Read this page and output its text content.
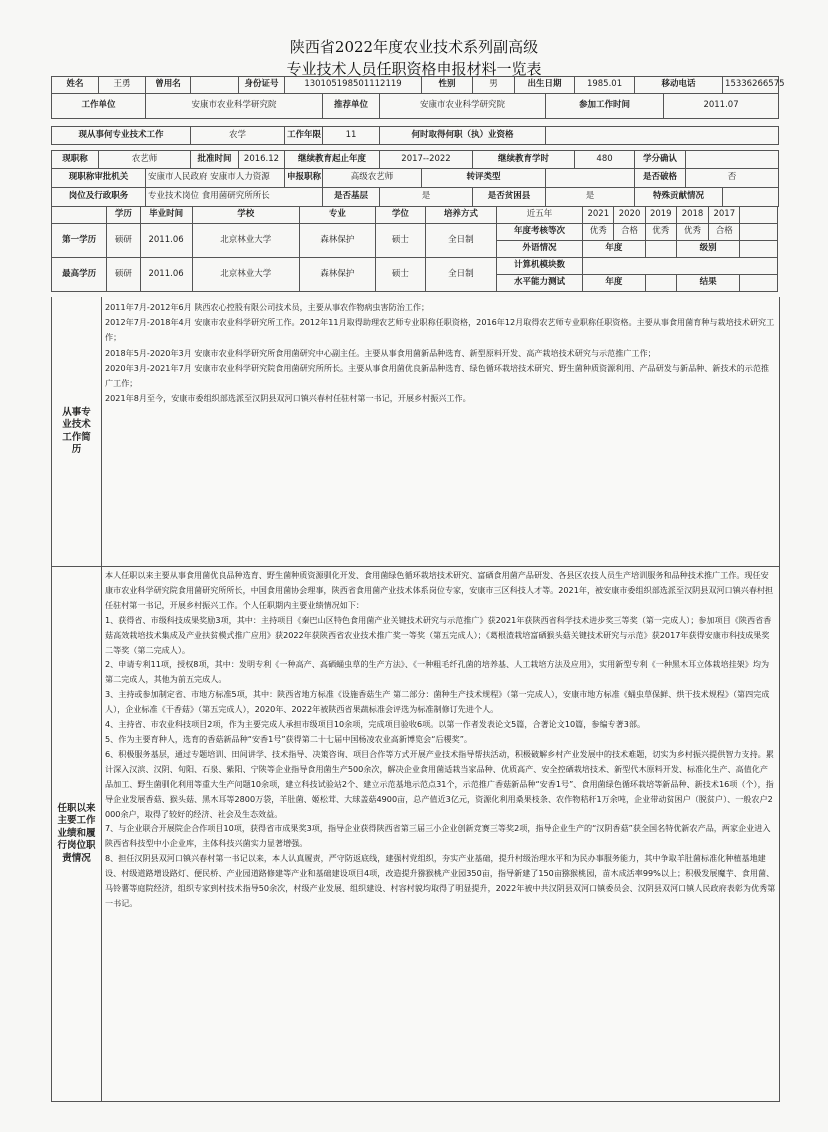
陕西省2022年度农业技术系列副高级
专业技术人员任职资格申报材料一览表
姓名	王勇	曾用名		身份证号	130105198501112119			性别	男	出生日期		1985.01	移动电话			15336266575
工作单位		安康市农业科学研究院				推荐单位	安康市农业科学研究院				参加工作时间			2011.07		

现从事何专业技术工作			农学		工作年限	11	何时取得何职（执）业资格									

现职称	农艺师		批准时间	2016.12	继续教育起止年度		2017--2022		继续教育学时			480	学分确认			
现职称审批机关		安康市人民政府 安康市人力资源			申报职称	高级农艺师		转评类型					是否破格		否	
岗位及行政职务		专业技术岗位 食用菌研究所所长				是否基层	是		是否贫困县		是		特殊贡献情况			
	学历	毕业时间	学校	专业	学位	培养方式	近五年	2021	2020	2019	2018	2017	
第一学历	硕研	2011.06	北京林业大学	森林保护	硕士	全日制	年度考核等次	优秀	合格	优秀	优秀	合格	
							外语情况	年度			级别		
最高学历	硕研	2011.06	北京林业大学	森林保护	硕士	全日制	计算机模块数						
							水平能力测试	年度			结果		
从事专业技术工作简历

2011年7月-2012年6月 陕西农心控股有限公司技术员，主要从事农作物病虫害防治工作；

2012年7月-2018年4月 安康市农业科学研究所工作。2012年11月取得助理农艺师专业职称任职资格，2016年12月取得农艺师专业职称任职资格。主要从事食用菌育种与栽培技术研究工作；

2018年5月-2020年3月 安康市农业科学研究所食用菌研究中心副主任。主要从事食用菌新品种选育、新型原料开发、高产栽培技术研究与示范推广工作；

2020年3月-2021年7月 安康市农业科学研究院食用菌研究所所长。主要从事食用菌优良新品种选育、绿色循环栽培技术研究、野生菌种质资源利用、产品研发与新品种、新技术的示范推广工作；

2021年8月至今，安康市委组织部选派至汉阴县双河口镇兴春村任驻村第一书记，开展乡村振兴工作。

任职以来主要工作业绩和履行岗位职责情况

本人任职以来主要从事食用菌优良品种选育、野生菌种质资源驯化开发、食用菌绿色循环栽培技术研究、富硒食用菌产品研发、各县区农技人员生产培训服务和品种技术推广工作。现任安康市农业科学研究院食用菌研究所所长，中国食用菌协会理事，陕西省食用菌产业技术体系岗位专家，安康市三区科技人才等。2021年，被安康市委组织部选派至汉阴县双河口镇兴春村担任驻村第一书记，开展乡村振兴工作。个人任职期内主要业绩情况如下：

1、获得省、市级科技成果奖励3项，其中：主持项目《秦巴山区特色食用菌产业关键技术研究与示范推广》获2021年获陕西省科学技术进步奖三等奖（第一完成人）；参加项目《陕西省香菇高效栽培技术集成及产业扶贫模式推广应用》获2022年获陕西省农业技术推广奖一等奖（第五完成人）；《葛根渣栽培富硒猴头菇关键技术研究与示范》获2017年获得安康市科技成果奖二等奖（第二完成人）。

2、申请专利11项，授权8项，其中：发明专利《一种高产、高硒蛹虫草的生产方法》、《一种粗毛纤孔菌的培养基、人工栽培方法及应用》，实用新型专利《一种黑木耳立体栽培挂架》均为第二完成人，其他为前五完成人。

3、主持或参加制定省、市地方标准5项，其中：陕西省地方标准《设施香菇生产 第二部分：菌种生产技术规程》（第一完成人），安康市地方标准《蛹虫草保鲜、烘干技术规程》（第四完成人），企业标准《干香菇》（第五完成人），2020年、2022年被陕西省果蔬标准会评选为标准制修订先进个人。

4、主持省、市农业科技项目2项，作为主要完成人承担市级项目10余项，完成项目验收6项。以第一作者发表论文5篇，合著论文10篇，参编专著3部。

5、作为主要育种人，选育的香菇新品种“安香1号”获得第二十七届中国杨凌农业高新博览会“后稷奖”。

6、积极服务基层，通过专题培训、田间讲学、技术指导、决策咨询、项目合作等方式开展产业技术指导帮扶活动，积极破解乡村产业发展中的技术难题，切实为乡村振兴提供智力支持。累计深入汉滨、汉阴、旬阳、石泉、紫阳、宁陕等企业指导食用菌生产500余次，解决企业食用菌适栽当家品种、优质高产、安全控硒栽培技术、新型代木原料开发、标准化生产、高值化产品加工、野生菌驯化利用等重大生产问题10余项，建立科技试验站2个、建立示范基地示范点31个，示范推广香菇新品种“安香1号”、食用菌绿色循环栽培等新品种、新技术16项（个），指导企业发展香菇、猴头菇、黑木耳等2800万袋，羊肚菌、姬松茸、大球盖菇4900亩，总产值近3亿元，资源化利用桑果枝条、农作物秸秆1万余吨，企业带动贫困户（脱贫户）、一般农户2000余户，取得了较好的经济、社会及生态效益。

7、与企业联合开展院企合作项目10项，获得省市成果奖3项，指导企业获得陕西省第三届三小企业创新竞赛三等奖2项，指导企业生产的“汉阴香菇”获全国名特优新农产品，两家企业进入陕西省科技型中小企业库，主体科技兴菌实力显著增强。

8、担任汉阴县双河口镇兴春村第一书记以来，本人认真履责，严守防返底线，建强村党组织，夯实产业基础，提升村级治理水平和为民办事服务能力，其中争取羊肚菌标准化种植基地建设、村级道路增设路灯、便民桥、产业园道路修建等产业和基础建设项目4项，改造提升猕猴桃产业园350亩，指导新建了150亩猕猴桃园，苗木成活率99%以上；积极发展魔芋、食用菌、马铃薯等庭院经济，组织专家到村技术指导50余次，村级产业发展、组织建设、村容村貌均取得了明显提升，2022年被中共汉阴县双河口镇委员会、汉阴县双河口镇人民政府表彰为优秀第一书记。
